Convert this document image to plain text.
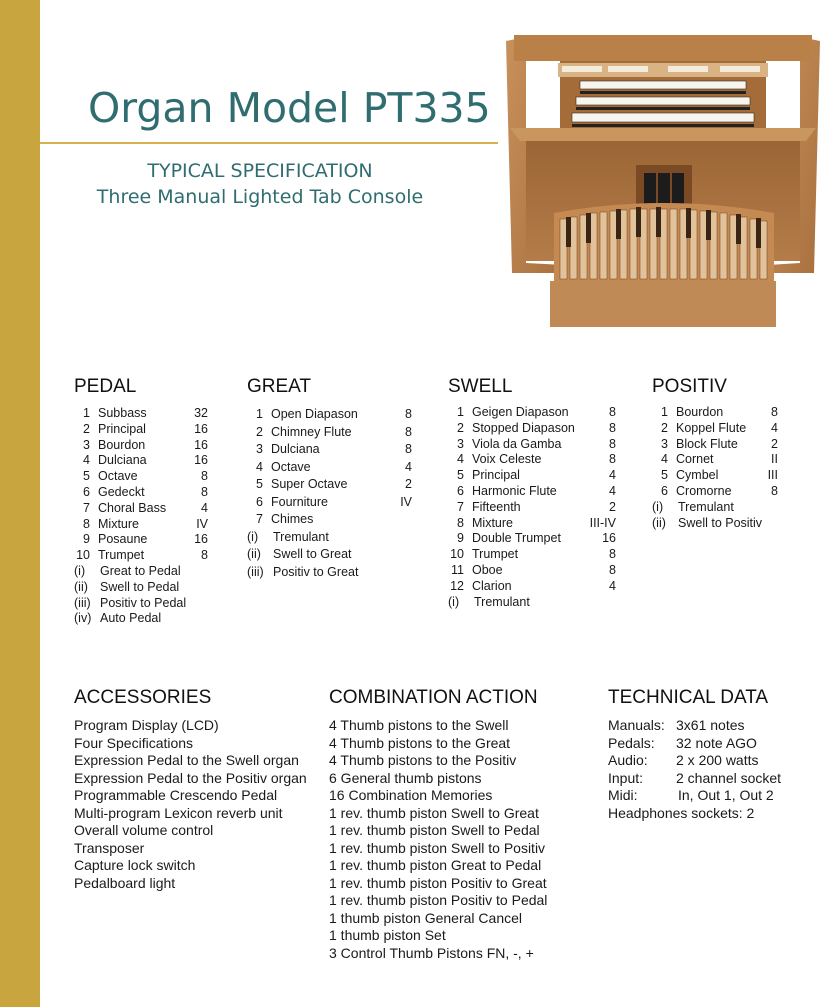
Organ Model PT335
TYPICAL SPECIFICATION
Three Manual Lighted Tab Console
PEDAL
1 Subbass	32
2 Principal	16
3 Bourdon	16
4 Dulciana	16
5 Octave	8
6 Gedeckt	8
7 Choral Bass	4
8 Mixture	IV
9 Posaune	16
10 Trumpet	8
(i) Great to Pedal
(ii) Swell to Pedal
(iii) Positiv to Pedal
(iv) Auto Pedal
GREAT
1 Open Diapason	8
2 Chimney Flute	8
3 Dulciana	8
4 Octave	4
5 Super Octave	2
6 Fourniture	IV
7 Chimes
(i) Tremulant
(ii) Swell to Great
(iii) Positiv to Great
SWELL
1 Geigen Diapason	8
2 Stopped Diapason	8
3 Viola da Gamba	8
4 Voix Celeste	8
5 Principal	4
6 Harmonic Flute	4
7 Fifteenth	2
8 Mixture	III-IV
9 Double Trumpet	16
10 Trumpet	8
11 Oboe	8
12 Clarion	4
(i) Tremulant
POSITIV
1 Bourdon	8
2 Koppel Flute 4
3 Block Flute	2
4 Cornet	II
5 Cymbel	III
6 Cromorne	8
(i) Tremulant
(ii) Swell to Positiv
ACCESSORIES
Program Display (LCD)
Four Specifications
Expression Pedal to the Swell organ
Expression Pedal to the Positiv organ
Programmable Crescendo Pedal
Multi-program Lexicon reverb unit
Overall volume control
Transposer
Capture lock switch
Pedalboard light
COMBINATION ACTION
4 Thumb pistons to the Swell
4 Thumb pistons to the Great
4 Thumb pistons to the Positiv
6 General thumb pistons
16 Combination Memories
1 rev. thumb piston Swell to Great
1 rev. thumb piston Swell to Pedal
1 rev. thumb piston Swell to Positiv
1 rev. thumb piston Great to Pedal
1 rev. thumb piston Positiv to Great
1 rev. thumb piston Positiv to Pedal
1 thumb piston General Cancel
1 thumb piston Set
3 Control Thumb Pistons FN, -, +
TECHNICAL DATA
Manuals: 3x61 notes
Pedals: 32 note AGO
Audio: 2 x 200 watts
Input: 2 channel socket
Midi:	In, Out 1, Out 2
Headphones sockets: 2
